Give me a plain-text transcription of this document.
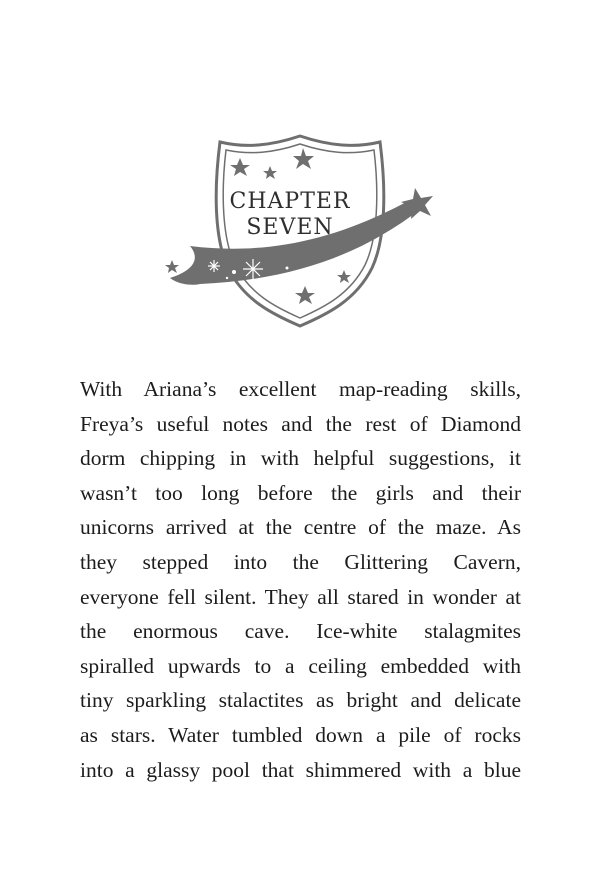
CHAPTER
SEVEN
With Ariana’s excellent map-reading skills,
Freya’s useful notes and the rest of Diamond
dorm chipping in with helpful suggestions, it
wasn’t too long before the girls and their
unicorns arrived at the centre of the maze. As
they stepped into the Glittering Cavern,
everyone fell silent. They all stared in wonder at
the enormous cave. Ice-white stalagmites
spiralled upwards to a ceiling embedded with
tiny sparkling stalactites as bright and delicate
as stars. Water tumbled down a pile of rocks
into a glassy pool that shimmered with a blue
